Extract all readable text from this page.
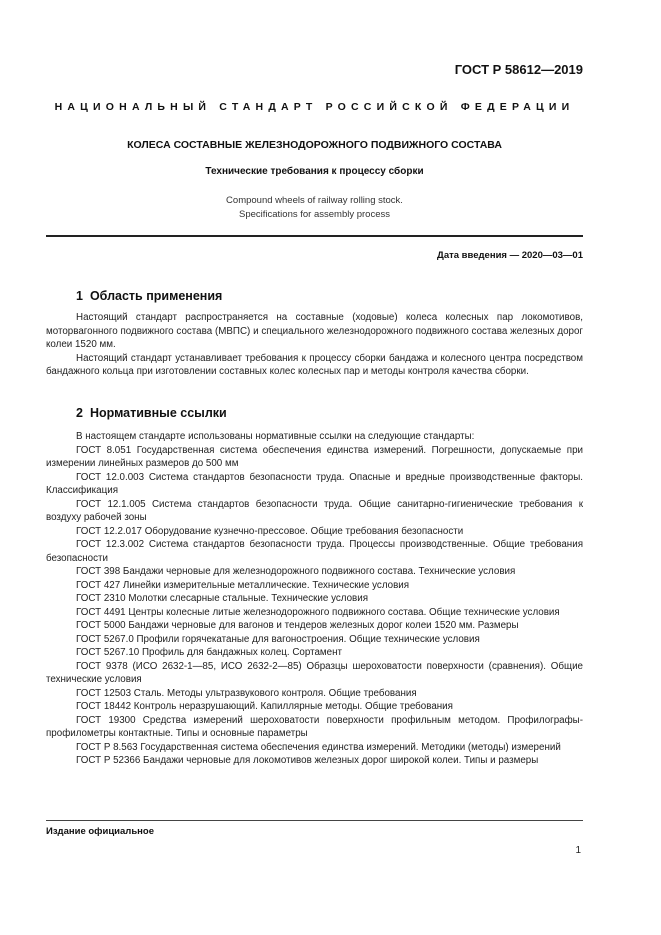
ГОСТ Р 58612—2019
НАЦИОНАЛЬНЫЙ СТАНДАРТ РОССИЙСКОЙ ФЕДЕРАЦИИ
КОЛЕСА СОСТАВНЫЕ ЖЕЛЕЗНОДОРОЖНОГО ПОДВИЖНОГО СОСТАВА
Технические требования к процессу сборки
Compound wheels of railway rolling stock.
Specifications for assembly process
Дата введения — 2020—03—01
1 Область применения

Настоящий стандарт распространяется на составные (ходовые) колеса колесных пар локомотивов, моторвагонного подвижного состава (МВПС) и специального железнодорожного подвижного состава железных дорог колеи 1520 мм.

Настоящий стандарт устанавливает требования к процессу сборки бандажа и колесного центра посредством бандажного кольца при изготовлении составных колес колесных пар и методы контроля качества сборки.

2 Нормативные ссылки

В настоящем стандарте использованы нормативные ссылки на следующие стандарты:

ГОСТ 8.051 Государственная система обеспечения единства измерений. Погрешности, допускаемые при измерении линейных размеров до 500 мм

ГОСТ 12.0.003 Система стандартов безопасности труда. Опасные и вредные производственные факторы. Классификация

ГОСТ 12.1.005 Система стандартов безопасности труда. Общие санитарно-гигиенические требования к воздуху рабочей зоны

ГОСТ 12.2.017 Оборудование кузнечно-прессовое. Общие требования безопасности

ГОСТ 12.3.002 Система стандартов безопасности труда. Процессы производственные. Общие требования безопасности

ГОСТ 398 Бандажи черновые для железнодорожного подвижного состава. Технические условия

ГОСТ 427 Линейки измерительные металлические. Технические условия

ГОСТ 2310 Молотки слесарные стальные. Технические условия

ГОСТ 4491 Центры колесные литые железнодорожного подвижного состава. Общие технические условия

ГОСТ 5000 Бандажи черновые для вагонов и тендеров железных дорог колеи 1520 мм. Размеры

ГОСТ 5267.0 Профили горячекатаные для вагоностроения. Общие технические условия

ГОСТ 5267.10 Профиль для бандажных колец. Сортамент

ГОСТ 9378 (ИСО 2632-1—85, ИСО 2632-2—85) Образцы шероховатости поверхности (сравнения). Общие технические условия

ГОСТ 12503 Сталь. Методы ультразвукового контроля. Общие требования

ГОСТ 18442 Контроль неразрушающий. Капиллярные методы. Общие требования

ГОСТ 19300 Средства измерений шероховатости поверхности профильным методом. Профилографы-профилометры контактные. Типы и основные параметры

ГОСТ Р 8.563 Государственная система обеспечения единства измерений. Методики (методы) измерений

ГОСТ Р 52366 Бандажи черновые для локомотивов железных дорог широкой колеи. Типы и размеры

Издание официальное
1
